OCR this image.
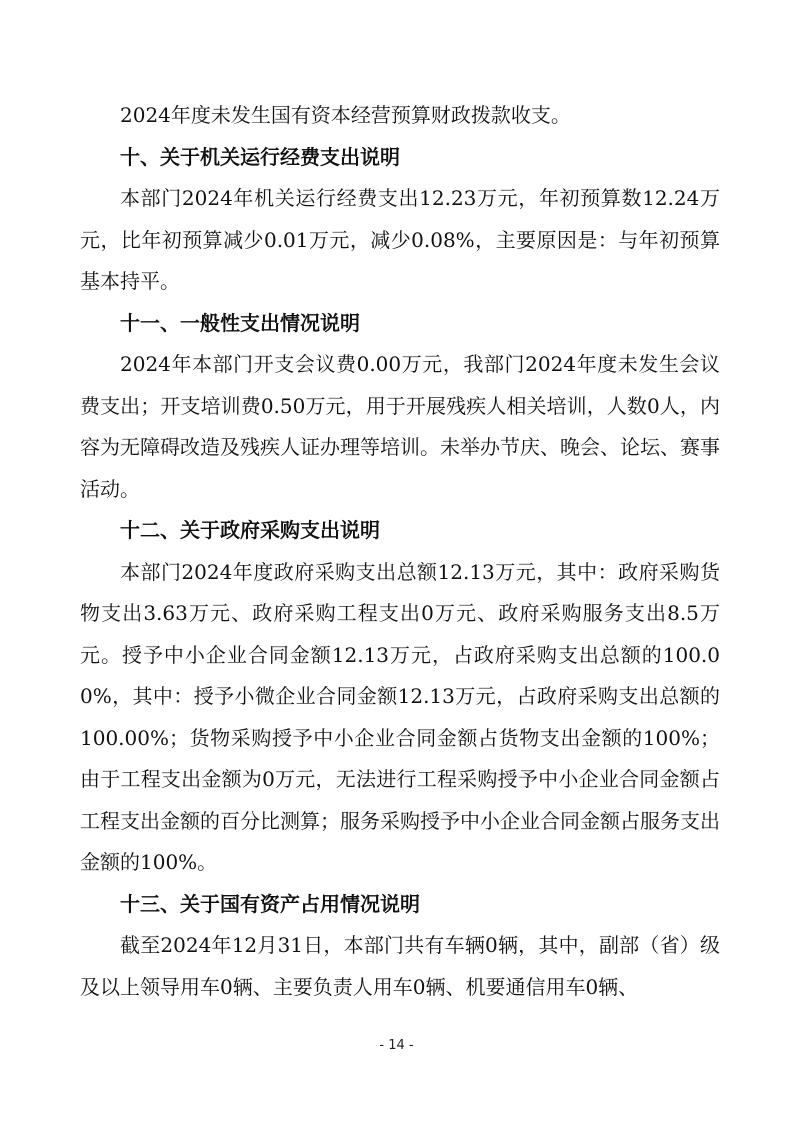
2024年度未发生国有资本经营预算财政拨款收支。

十、关于机关运行经费支出说明

本部门2024年机关运行经费支出12.23万元，年初预算数12.24万元，比年初预算减少0.01万元，减少0.08%，主要原因是：与年初预算基本持平。

十一、一般性支出情况说明

2024年本部门开支会议费0.00万元，我部门2024年度未发生会议费支出；开支培训费0.50万元，用于开展残疾人相关培训，人数0人，内容为无障碍改造及残疾人证办理等培训。未举办节庆、晚会、论坛、赛事活动。

十二、关于政府采购支出说明

本部门2024年度政府采购支出总额12.13万元，其中：政府采购货物支出3.63万元、政府采购工程支出0万元、政府采购服务支出8.5万元。授予中小企业合同金额12.13万元，占政府采购支出总额的100.00%，其中：授予小微企业合同金额12.13万元，占政府采购支出总额的100.00%；货物采购授予中小企业合同金额占货物支出金额的100%；由于工程支出金额为0万元，无法进行工程采购授予中小企业合同金额占工程支出金额的百分比测算；服务采购授予中小企业合同金额占服务支出金额的100%。

十三、关于国有资产占用情况说明

截至2024年12月31日，本部门共有车辆0辆，其中，副部（省）级及以上领导用车0辆、主要负责人用车0辆、机要通信用车0辆、

- 14 -
